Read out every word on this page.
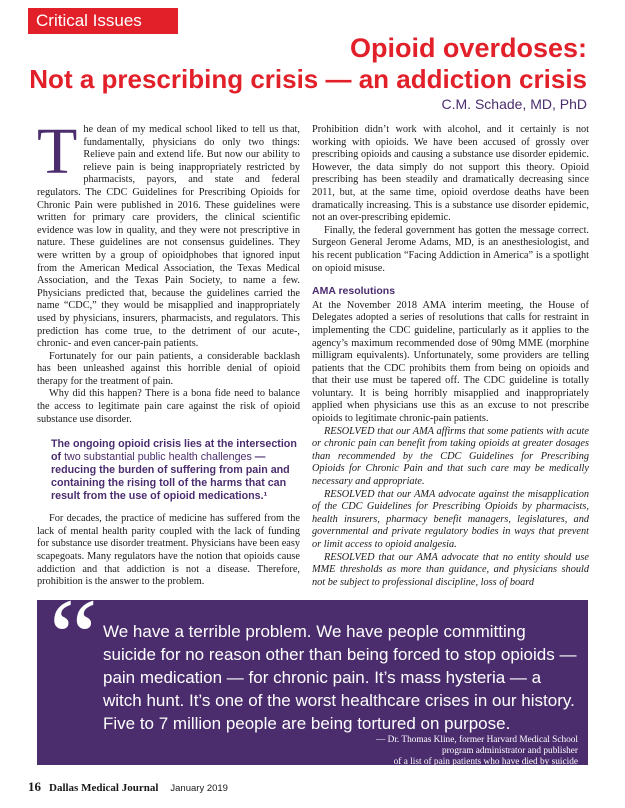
Critical Issues
Opioid overdoses:
Not a prescribing crisis — an addiction crisis
C.M. Schade, MD, PhD

The dean of my medical school liked to tell us that, fundamentally, physicians do only two things: Relieve pain and extend life. But now our ability to relieve pain is being inappropriately restricted by pharmacists, payors, and state and federal regulators. The CDC Guidelines for Prescribing Opioids for Chronic Pain were published in 2016. These guidelines were written for primary care providers, the clinical scientific evidence was low in quality, and they were not prescriptive in nature. These guidelines are not consensus guidelines. They were written by a group of opioidphobes that ignored input from the American Medical Association, the Texas Medical Association, and the Texas Pain Society, to name a few. Physicians predicted that, because the guidelines carried the name “CDC,” they would be misapplied and inappropriately used by physicians, insurers, pharmacists, and regulators. This prediction has come true, to the detriment of our acute-, chronic- and even cancer-pain patients.

Fortunately for our pain patients, a considerable backlash has been unleashed against this horrible denial of opioid therapy for the treatment of pain.

Why did this happen? There is a bona fide need to balance the access to legitimate pain care against the risk of opioid substance use disorder.

The ongoing opioid crisis lies at the intersection of two substantial public health challenges — reducing the burden of suffering from pain and containing the rising toll of the harms that can result from the use of opioid medications.¹

For decades, the practice of medicine has suffered from the lack of mental health parity coupled with the lack of funding for substance use disorder treatment. Physicians have been easy scapegoats. Many regulators have the notion that opioids cause addiction and that addiction is not a disease. Therefore, prohibition is the answer to the problem.

Prohibition didn’t work with alcohol, and it certainly is not working with opioids. We have been accused of grossly over prescribing opioids and causing a substance use disorder epidemic. However, the data simply do not support this theory. Opioid prescribing has been steadily and dramatically decreasing since 2011, but, at the same time, opioid overdose deaths have been dramatically increasing. This is a substance use disorder epidemic, not an over-prescribing epidemic.

Finally, the federal government has gotten the message correct. Surgeon General Jerome Adams, MD, is an anesthesiologist, and his recent publication “Facing Addiction in America” is a spotlight on opioid misuse.

AMA resolutions

At the November 2018 AMA interim meeting, the House of Delegates adopted a series of resolutions that calls for restraint in implementing the CDC guideline, particularly as it applies to the agency’s maximum recommended dose of 90mg MME (morphine milligram equivalents). Unfortunately, some providers are telling patients that the CDC prohibits them from being on opioids and that their use must be tapered off. The CDC guideline is totally voluntary. It is being horribly misapplied and inappropriately applied when physicians use this as an excuse to not prescribe opioids to legitimate chronic-pain patients.

RESOLVED that our AMA affirms that some patients with acute or chronic pain can benefit from taking opioids at greater dosages than recommended by the CDC Guidelines for Prescribing Opioids for Chronic Pain and that such care may be medically necessary and appropriate.

RESOLVED that our AMA advocate against the misapplication of the CDC Guidelines for Prescribing Opioids by pharmacists, health insurers, pharmacy benefit managers, legislatures, and governmental and private regulatory bodies in ways that prevent or limit access to opioid analgesia.

RESOLVED that our AMA advocate that no entity should use MME thresholds as more than guidance, and physicians should not be subject to professional discipline, loss of board

“ We have a terrible problem. We have people committing suicide for no reason other than being forced to stop opioids — pain medication — for chronic pain. It’s mass hysteria — a witch hunt. It’s one of the worst healthcare crises in our history. Five to 7 million people are being tortured on purpose.
— Dr. Thomas Kline, former Harvard Medical School
program administrator and publisher
of a list of pain patients who have died by suicide
16 Dallas Medical Journal January 2019
